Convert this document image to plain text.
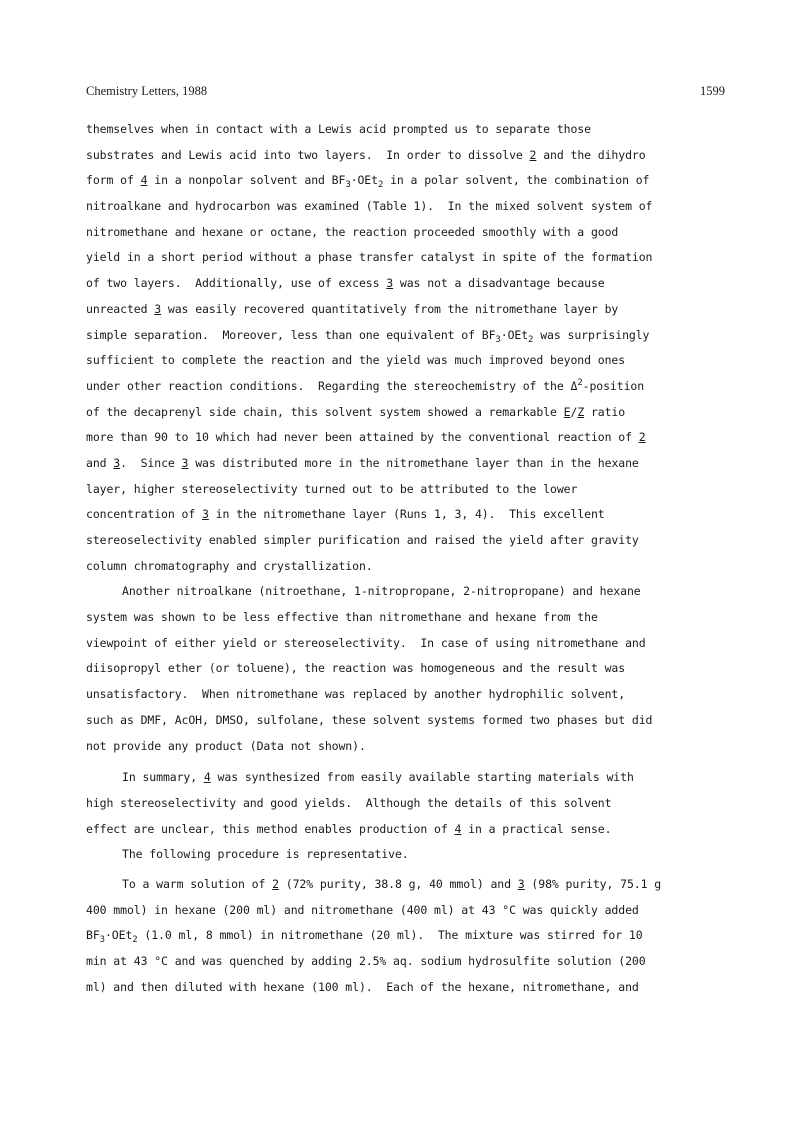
Chemistry Letters, 1988	1599
themselves when in contact with a Lewis acid prompted us to separate those
substrates and Lewis acid into two layers.  In order to dissolve 2 and the dihydro
form of 4 in a nonpolar solvent and $BF_3\cdot OEt_2$ in a polar solvent, the combination of
nitroalkane and hydrocarbon was examined (Table 1).  In the mixed solvent system of
nitromethane and hexane or octane, the reaction proceeded smoothly with a good
yield in a short period without a phase transfer catalyst in spite of the formation
of two layers.  Additionally, use of excess 3 was not a disadvantage because
unreacted 3 was easily recovered quantitatively from the nitromethane layer by
simple separation.  Moreover, less than one equivalent of $BF_3\cdot OEt_2$ was surprisingly
sufficient to complete the reaction and the yield was much improved beyond ones
under other reaction conditions.  Regarding the stereochemistry of the $\Delta^2$-position
of the decaprenyl side chain, this solvent system showed a remarkable E/Z ratio
more than 90 to 10 which had never been attained by the conventional reaction of 2
and 3.  Since 3 was distributed more in the nitromethane layer than in the hexane
layer, higher stereoselectivity turned out to be attributed to the lower
concentration of 3 in the nitromethane layer (Runs 1, 3, 4).  This excellent
stereoselectivity enabled simpler purification and raised the yield after gravity
column chromatography and crystallization.
Another nitroalkane (nitroethane, 1-nitropropane, 2-nitropropane) and hexane
system was shown to be less effective than nitromethane and hexane from the
viewpoint of either yield or stereoselectivity.  In case of using nitromethane and
diisopropyl ether (or toluene), the reaction was homogeneous and the result was
unsatisfactory.  When nitromethane was replaced by another hydrophilic solvent,
such as DMF, AcOH, DMSO, sulfolane, these solvent systems formed two phases but did
not provide any product (Data not shown).
In summary, 4 was synthesized from easily available starting materials with
high stereoselectivity and good yields.  Although the details of this solvent
effect are unclear, this method enables production of 4 in a practical sense.
The following procedure is representative.
To a warm solution of 2 (72% purity, 38.8 g, 40 mmol) and 3 (98% purity, 75.1 g
400 mmol) in hexane (200 ml) and nitromethane (400 ml) at 43 °C was quickly added
$BF_3\cdot OEt_2$ (1.0 ml, 8 mmol) in nitromethane (20 ml).  The mixture was stirred for 10
min at 43 °C and was quenched by adding 2.5% aq. sodium hydrosulfite solution (200
ml) and then diluted with hexane (100 ml).  Each of the hexane, nitromethane, and
